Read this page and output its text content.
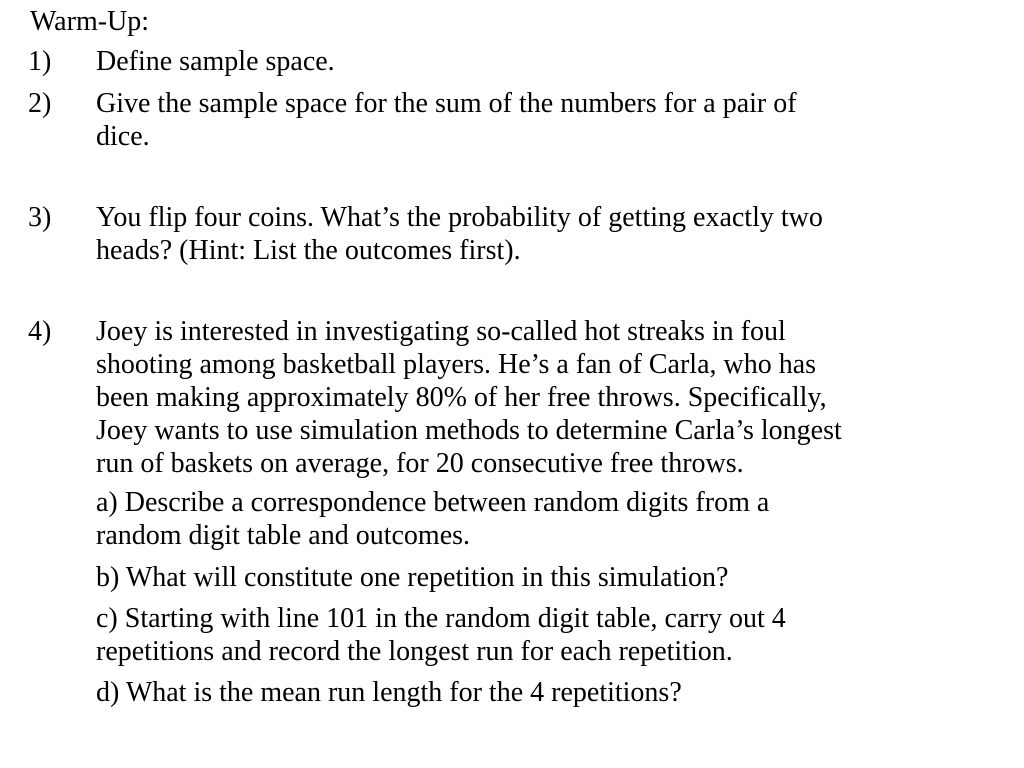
Warm-Up:
1) Define sample space.
2) Give the sample space for the sum of the numbers for a pair of
dice.
3) You flip four coins. What’s the probability of getting exactly two
heads? (Hint: List the outcomes first).
4) Joey is interested in investigating so-called hot streaks in foul
shooting among basketball players. He’s a fan of Carla, who has
been making approximately 80% of her free throws. Specifically,
Joey wants to use simulation methods to determine Carla’s longest
run of baskets on average, for 20 consecutive free throws.
a) Describe a correspondence between random digits from a
random digit table and outcomes.
b) What will constitute one repetition in this simulation?
c) Starting with line 101 in the random digit table, carry out 4
repetitions and record the longest run for each repetition.
d) What is the mean run length for the 4 repetitions?
